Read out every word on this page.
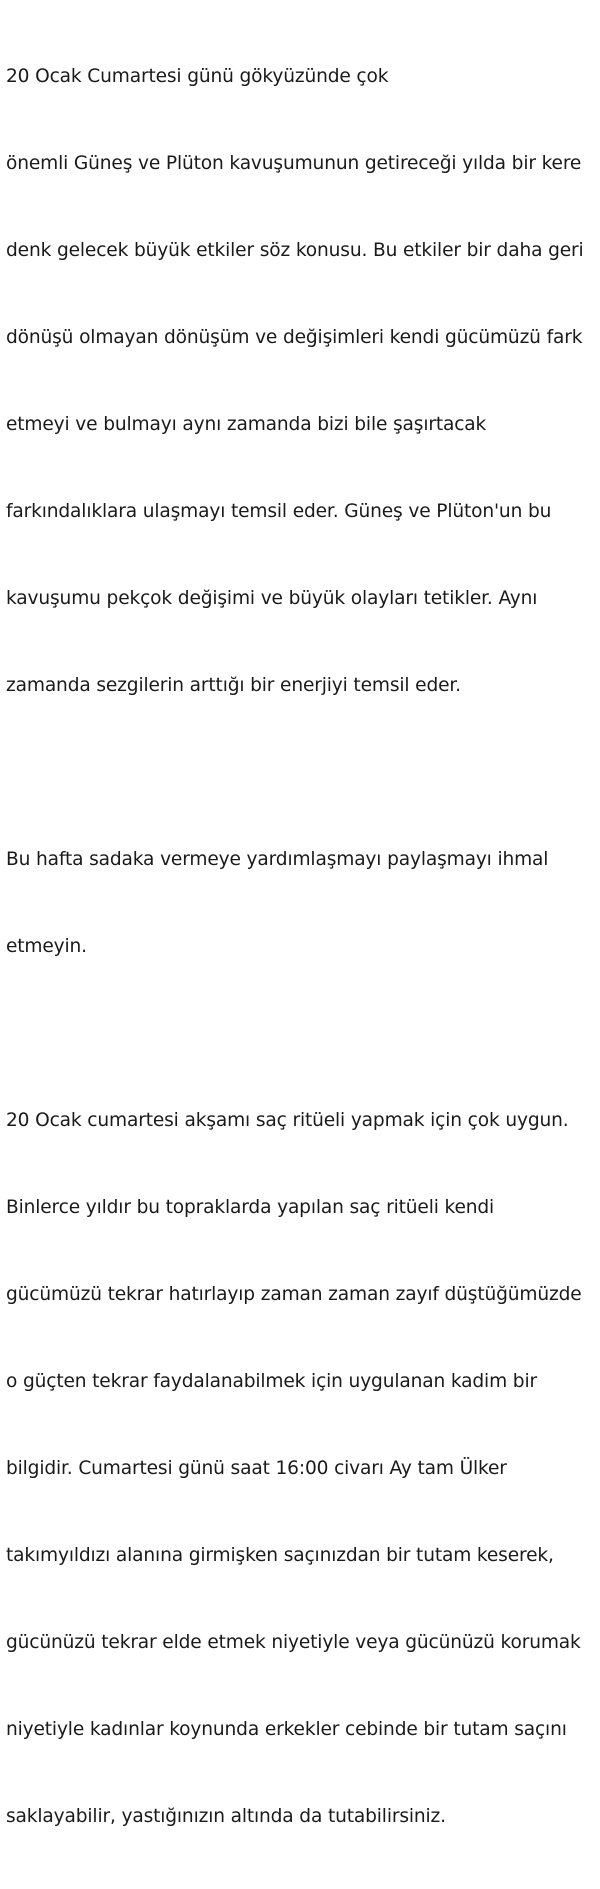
20 Ocak Cumartesi günü gökyüzünde çok

önemli Güneş ve Plüton kavuşumunun getireceği yılda bir kere

denk gelecek büyük etkiler söz konusu. Bu etkiler bir daha geri

dönüşü olmayan dönüşüm ve değişimleri kendi gücümüzü fark

etmeyi ve bulmayı aynı zamanda bizi bile şaşırtacak

farkındalıklara ulaşmayı temsil eder. Güneş ve Plüton'un bu

kavuşumu pekçok değişimi ve büyük olayları tetikler. Aynı

zamanda sezgilerin arttığı bir enerjiyi temsil eder.

Bu hafta sadaka vermeye yardımlaşmayı paylaşmayı ihmal

etmeyin.

20 Ocak cumartesi akşamı saç ritüeli yapmak için çok uygun.

Binlerce yıldır bu topraklarda yapılan saç ritüeli kendi

gücümüzü tekrar hatırlayıp zaman zaman zayıf düştüğümüzde

o güçten tekrar faydalanabilmek için uygulanan kadim bir

bilgidir. Cumartesi günü saat 16:00 civarı Ay tam Ülker

takımyıldızı alanına girmişken saçınızdan bir tutam keserek,

gücünüzü tekrar elde etmek niyetiyle veya gücünüzü korumak

niyetiyle kadınlar koynunda erkekler cebinde bir tutam saçını

saklayabilir, yastığınızın altında da tutabilirsiniz.
